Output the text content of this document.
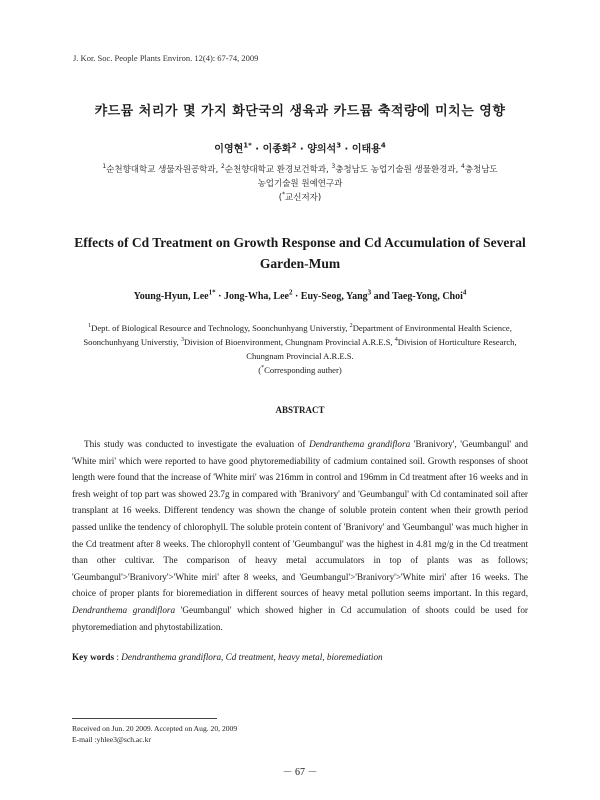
J. Kor. Soc. People Plants Environ. 12(4): 67-74, 2009
캬드뮴 처리가 몇 가지 화단국의 생육과 카드뮴 축적량에 미치는 영향
이영현$^{1*}$ · 이종화$^2$ · 양의석$^3$ · 이태용$^4$
$^1$순천향대학교 생물자원공학과, $^2$순천향대학교 환경보건학과, $^3$충청남도 농업기술원 생물환경과, $^4$충청남도
농업기술원 원예연구과
(*교신저자)
Effects of Cd Treatment on Growth Response and Cd Accumulation of Several
Garden-Mum
Young-Hyun, Lee$^{1*}$ · Jong-Wha, Lee$^2$ · Euy-Seog, Yang$^3$ and Taeg-Yong, Choi$^4$
$^1$Dept. of Biological Resource and Technology, Soonchunhyang Universtiy, $^2$Department of Environmental Health Science,
Soonchunhyang Universtiy, $^3$Division of Bioenvironment, Chungnam Provincial A.R.E.S, $^4$Division of Horticulture Research,
Chungnam Provincial A.R.E.S.
(*Corresponding auther)
ABSTRACT
This study was conducted to investigate the evaluation of Dendranthema grandiflora 'Branivory', 'Geumbangul' and 'White miri' which were reported to have good phytoremediability of cadmium contained soil. Growth responses of shoot length were found that the increase of 'White miri' was 216mm in control and 196mm in Cd treatment after 16 weeks and in fresh weight of top part was showed 23.7g in compared with 'Branivory' and 'Geumbangul' with Cd contaminated soil after transplant at 16 weeks. Different tendency was shown the change of soluble protein content when their growth period passed unlike the tendency of chlorophyll. The soluble protein content of 'Branivory' and 'Geumbangul' was much higher in the Cd treatment after 8 weeks. The chlorophyll content of 'Geumbangul' was the highest in 4.81 mg/g in the Cd treatment than other cultivar. The comparison of heavy metal accumulators in top of plants was as follows; 'Geumbangul'>'Branivory'>'White miri' after 8 weeks, and 'Geumbangul'>'Branivory'>'White miri' after 16 weeks. The choice of proper plants for bioremediation in different sources of heavy metal pollution seems important. In this regard, Dendranthema grandiflora 'Geumbangul' which showed higher in Cd accumulation of shoots could be used for phytoremediation and phytostabilization.
Key words : Dendranthema grandiflora, Cd treatment, heavy metal, bioremediation
Received on Jun. 20 2009. Accepted on Aug. 20, 2009
E-mail :yhlee3@sch.ac.kr
－ 67 －
